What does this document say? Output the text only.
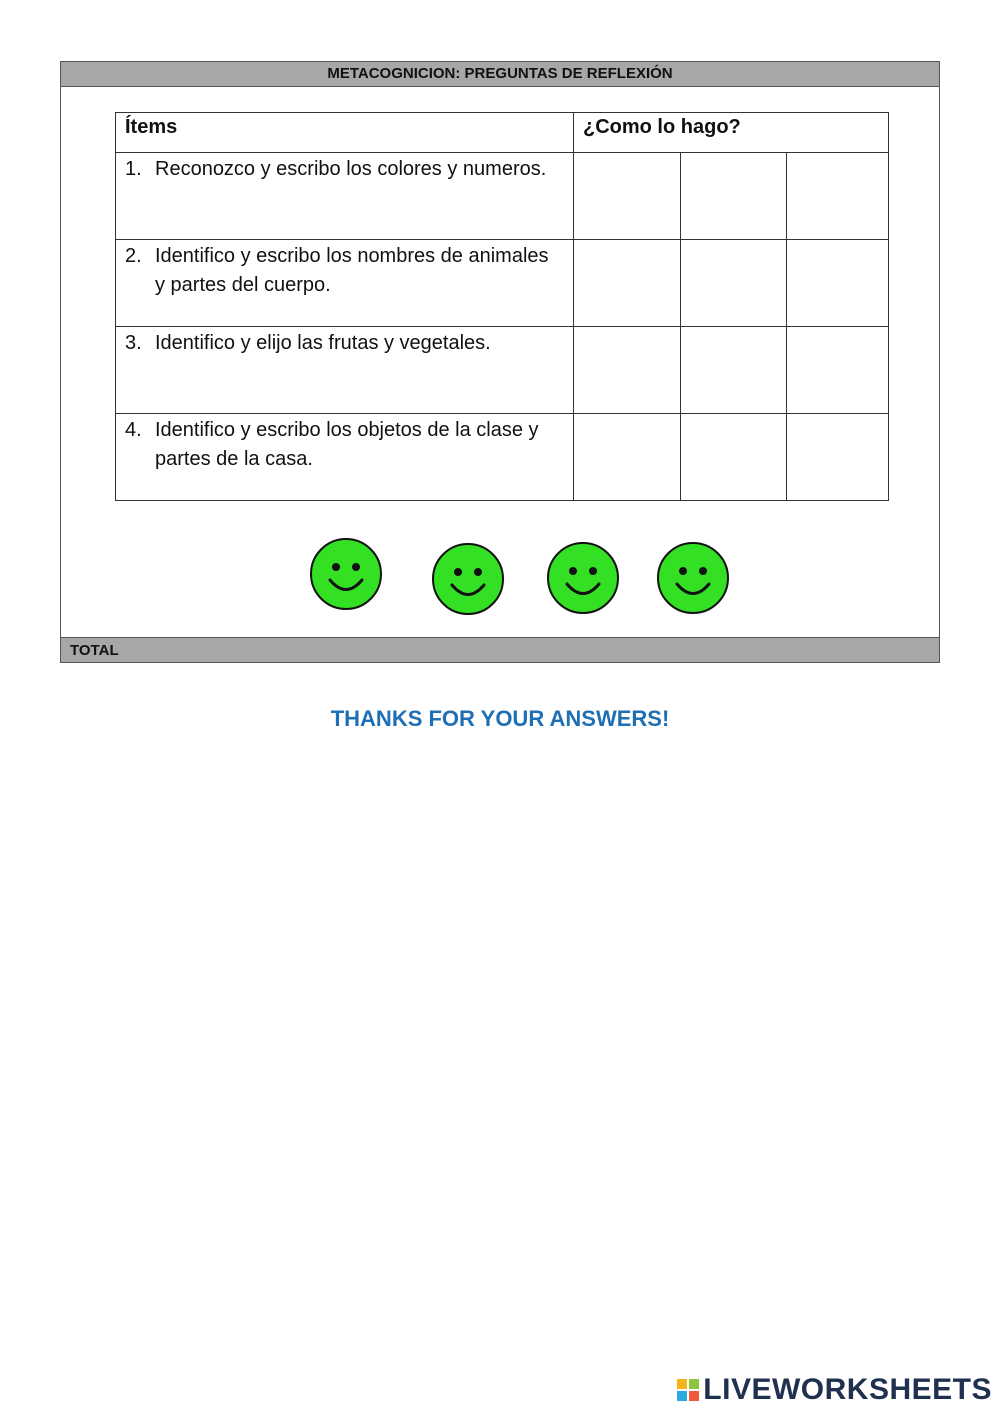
METACOGNICION: PREGUNTAS DE REFLEXIÓN
Ítems	¿Como lo hago?		

1. Reconozco y escribo los colores y numeros.			

2. Identifico y escribo los nombres de animales y partes del cuerpo.			

3. Identifico y elijo las frutas y vegetales.			

4. Identifico y escribo los objetos de la clase y partes de la casa.			

TOTAL
THANKS FOR YOUR ANSWERS!
LIVEWORKSHEETS
